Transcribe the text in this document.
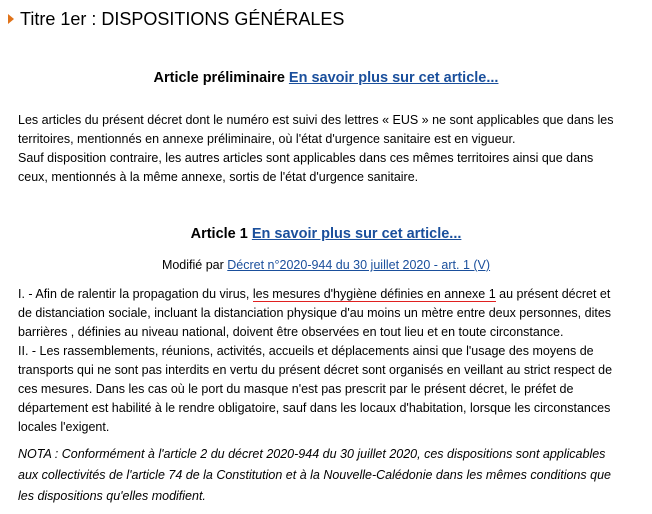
Titre 1er : DISPOSITIONS GÉNÉRALES
Article préliminaire En savoir plus sur cet article...
Les articles du présent décret dont le numéro est suivi des lettres « EUS » ne sont applicables que dans les
territoires, mentionnés en annexe préliminaire, où l'état d'urgence sanitaire est en vigueur.
Sauf disposition contraire, les autres articles sont applicables dans ces mêmes territoires ainsi que dans
ceux, mentionnés à la même annexe, sortis de l'état d'urgence sanitaire.
Article 1 En savoir plus sur cet article...
Modifié par Décret n°2020-944 du 30 juillet 2020 - art. 1 (V)
I. - Afin de ralentir la propagation du virus, les mesures d'hygiène définies en annexe 1 au présent décret et
de distanciation sociale, incluant la distanciation physique d'au moins un mètre entre deux personnes, dites
barrières , définies au niveau national, doivent être observées en tout lieu et en toute circonstance.
II. - Les rassemblements, réunions, activités, accueils et déplacements ainsi que l'usage des moyens de
transports qui ne sont pas interdits en vertu du présent décret sont organisés en veillant au strict respect de
ces mesures. Dans les cas où le port du masque n'est pas prescrit par le présent décret, le préfet de
département est habilité à le rendre obligatoire, sauf dans les locaux d'habitation, lorsque les circonstances
locales l'exigent.
NOTA : Conformément à l'article 2 du décret 2020-944 du 30 juillet 2020, ces dispositions sont applicables
aux collectivités de l'article 74 de la Constitution et à la Nouvelle-Calédonie dans les mêmes conditions que
les dispositions qu'elles modifient.
